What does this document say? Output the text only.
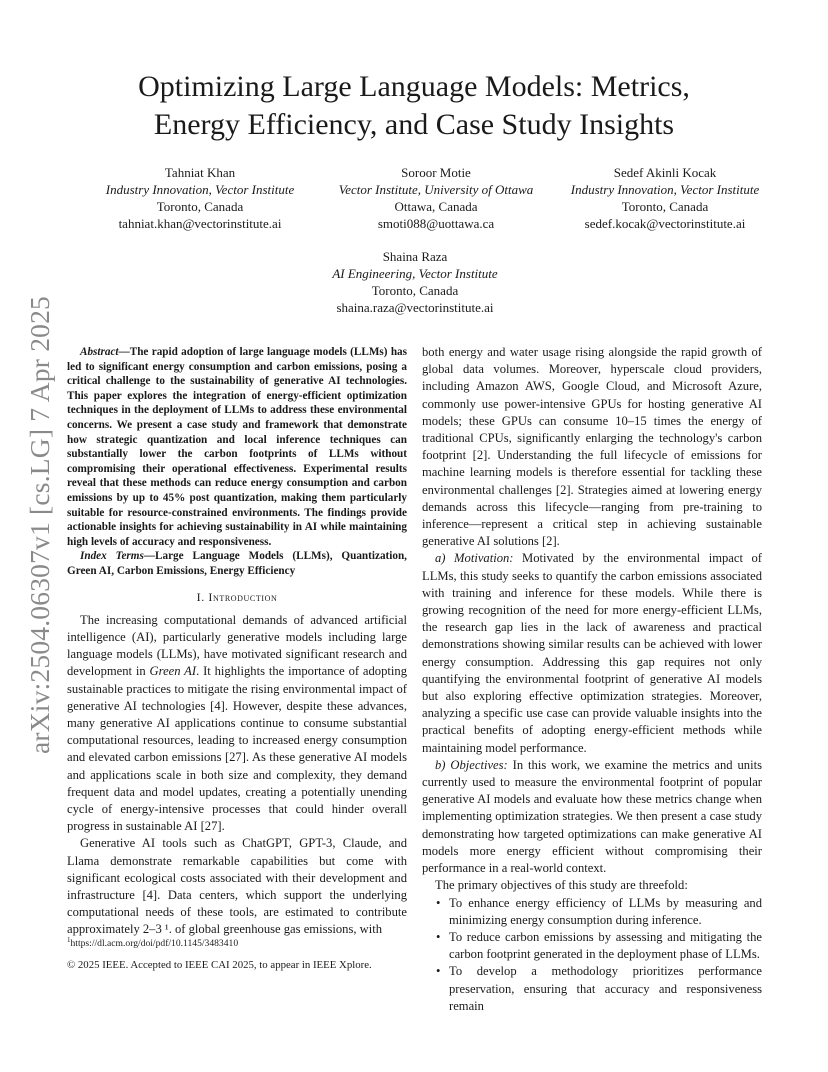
arXiv:2504.06307v1 [cs.LG] 7 Apr 2025
Optimizing Large Language Models: Metrics,
Energy Efficiency, and Case Study Insights
Tahniat Khan
Industry Innovation, Vector Institute
Toronto, Canada
tahniat.khan@vectorinstitute.ai
Soroor Motie
Vector Institute, University of Ottawa
Ottawa, Canada
smoti088@uottawa.ca
Sedef Akinli Kocak
Industry Innovation, Vector Institute
Toronto, Canada
sedef.kocak@vectorinstitute.ai
Shaina Raza
AI Engineering, Vector Institute
Toronto, Canada
shaina.raza@vectorinstitute.ai

Abstract—The rapid adoption of large language models (LLMs) has led to significant energy consumption and carbon emissions, posing a critical challenge to the sustainability of generative AI technologies. This paper explores the integration of energy-efficient optimization techniques in the deployment of LLMs to address these environmental concerns. We present a case study and framework that demonstrate how strategic quantization and local inference techniques can substantially lower the carbon footprints of LLMs without compromising their operational effectiveness. Experimental results reveal that these methods can reduce energy consumption and carbon emissions by up to 45% post quantization, making them particularly suitable for resource-constrained environments. The findings provide actionable insights for achieving sustainability in AI while maintaining high levels of accuracy and responsiveness.

Index Terms—Large Language Models (LLMs), Quantization, Green AI, Carbon Emissions, Energy Efficiency

I. Introduction

The increasing computational demands of advanced artificial intelligence (AI), particularly generative models including large language models (LLMs), have motivated significant research and development in Green AI. It highlights the importance of adopting sustainable practices to mitigate the rising environmental impact of generative AI technologies [4]. However, despite these advances, many generative AI applications continue to consume substantial computational resources, leading to increased energy consumption and elevated carbon emissions [27]. As these generative AI models and applications scale in both size and complexity, they demand frequent data and model updates, creating a potentially unending cycle of energy-intensive processes that could hinder overall progress in sustainable AI [27].

Generative AI tools such as ChatGPT, GPT-3, Claude, and Llama demonstrate remarkable capabilities but come with significant ecological costs associated with their development and infrastructure [4]. Data centers, which support the underlying computational needs of these tools, are estimated to contribute approximately 2–3 ¹. of global greenhouse gas emissions, with

$^1$https://dl.acm.org/doi/pdf/10.1145/3483410
© 2025 IEEE. Accepted to IEEE CAI 2025, to appear in IEEE Xplore.

both energy and water usage rising alongside the rapid growth of global data volumes. Moreover, hyperscale cloud providers, including Amazon AWS, Google Cloud, and Microsoft Azure, commonly use power-intensive GPUs for hosting generative AI models; these GPUs can consume 10–15 times the energy of traditional CPUs, significantly enlarging the technology's carbon footprint [2]. Understanding the full lifecycle of emissions for machine learning models is therefore essential for tackling these environmental challenges [2]. Strategies aimed at lowering energy demands across this lifecycle—ranging from pre-training to inference—represent a critical step in achieving sustainable generative AI solutions [2].

a) Motivation: Motivated by the environmental impact of LLMs, this study seeks to quantify the carbon emissions associated with training and inference for these models. While there is growing recognition of the need for more energy-efficient LLMs, the research gap lies in the lack of awareness and practical demonstrations showing similar results can be achieved with lower energy consumption. Addressing this gap requires not only quantifying the environmental footprint of generative AI models but also exploring effective optimization strategies. Moreover, analyzing a specific use case can provide valuable insights into the practical benefits of adopting energy-efficient methods while maintaining model performance.

b) Objectives: In this work, we examine the metrics and units currently used to measure the environmental footprint of popular generative AI models and evaluate how these metrics change when implementing optimization strategies. We then present a case study demonstrating how targeted optimizations can make generative AI models more energy efficient without compromising their performance in a real-world context.

The primary objectives of this study are threefold:

• To enhance energy efficiency of LLMs by measuring and minimizing energy consumption during inference.
• To reduce carbon emissions by assessing and mitigating the carbon footprint generated in the deployment phase of LLMs.
• To develop a methodology prioritizes performance preservation, ensuring that accuracy and responsiveness remain
